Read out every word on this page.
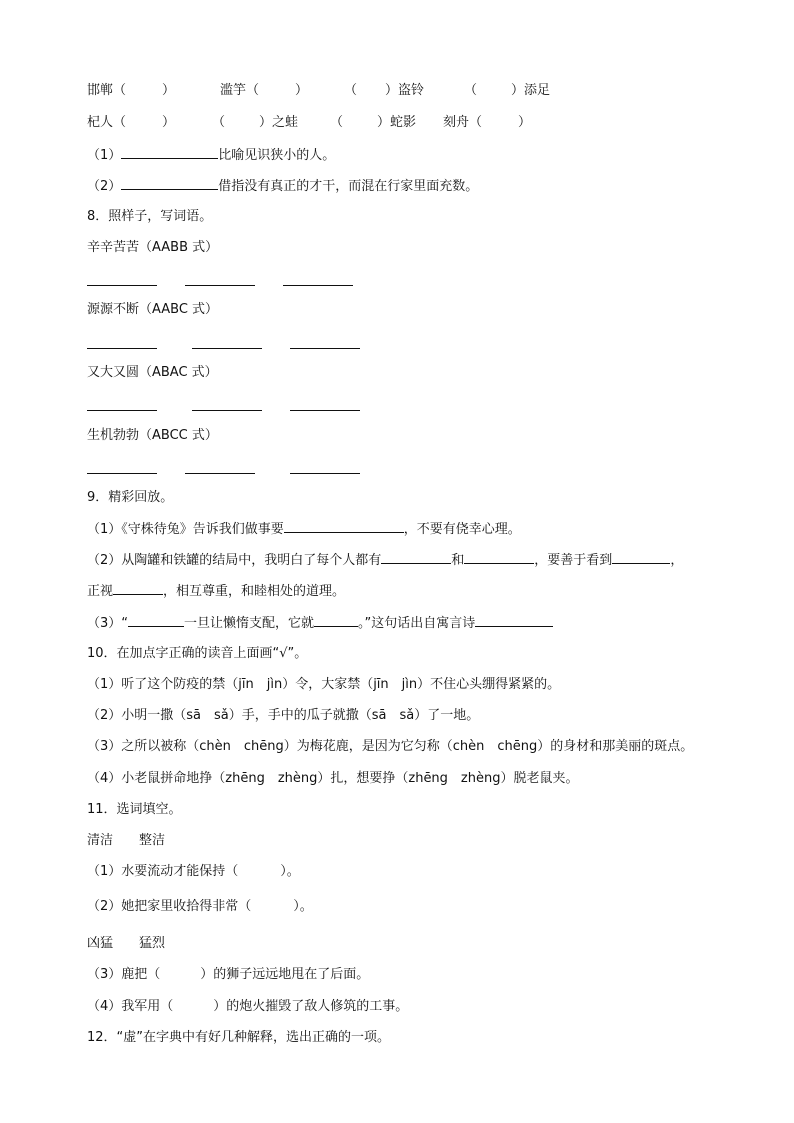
邯郸（	）	滥竽（	）	（ ）盗铃	（	）添足
杞人（	）	（	）之蛙 （	）蛇影 刻舟（	）
（1）	比喻见识狭小的人。
（2）	借指没有真正的才干，而混在行家里面充数。
8．照样子，写词语。
辛辛苦苦（AABB 式）
源源不断（AABC 式）
又大又圆（ABAC 式）
生机勃勃（ABCC 式）
9．精彩回放。
（1）《守株待兔》告诉我们做事要	，不要有侥幸心理。
（2）从陶罐和铁罐的结局中，我明白了每个人都有	和	，要善于看到	，
正视	，相互尊重，和睦相处的道理。
（3）“	一旦让懒惰支配，它就	。”这句话出自寓言诗
10．在加点字正确的读音上面画“√”。
（1）听了这个防疫的禁（jīn　jìn）令，大家禁（jīn　jìn）不住心头绷得紧紧的。
（2）小明一撒（sā　sǎ）手，手中的瓜子就撒（sā　sǎ）了一地。
（3）之所以被称（chèn　chēng）为梅花鹿，是因为它匀称（chèn　chēng）的身材和那美丽的斑点。
（4）小老鼠拼命地挣（zhēng　zhèng）扎，想要挣（zhēng　zhèng）脱老鼠夹。
11．选词填空。
清洁　　整洁
（1）水要流动才能保持（	）。
（2）她把家里收拾得非常（	）。
凶猛　　猛烈
（3）鹿把（	）的狮子远远地甩在了后面。
（4）我军用（	）的炮火摧毁了敌人修筑的工事。
12．“虚”在字典中有好几种解释，选出正确的一项。
